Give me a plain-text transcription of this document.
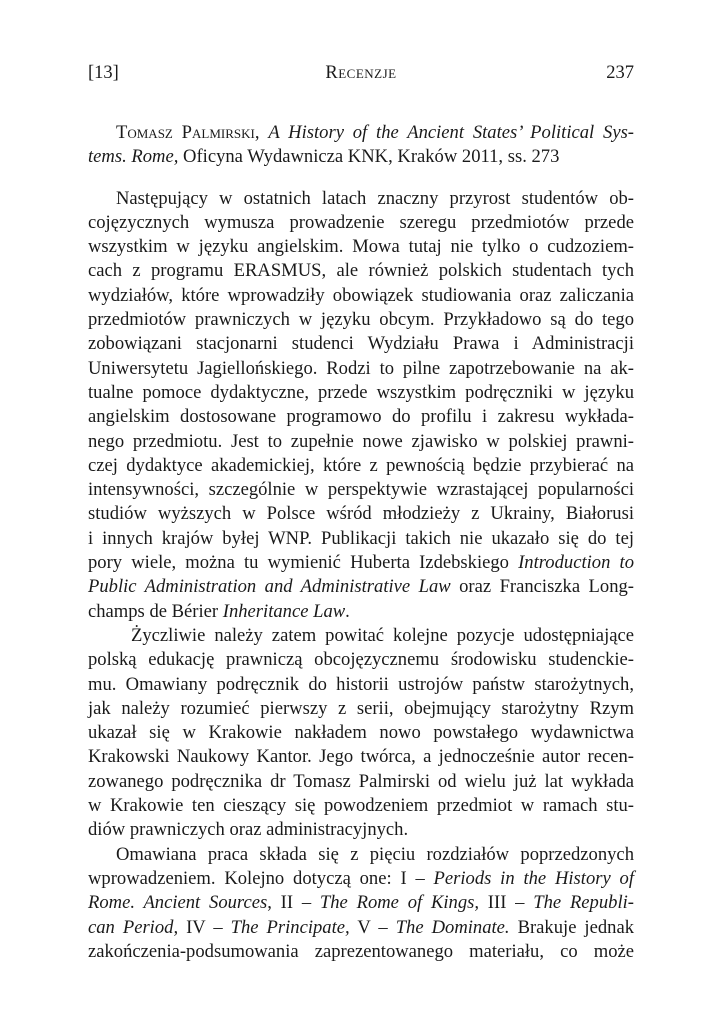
[13]	Recenzje	237
Tomasz Palmirski, A History of the Ancient States’ Political Sys-
tems. Rome, Oficyna Wydawnicza KNK, Kraków 2011, ss. 273
Następujący w ostatnich latach znaczny przyrost studentów ob-
cojęzycznych wymusza prowadzenie szeregu przedmiotów przede
wszystkim w języku angielskim. Mowa tutaj nie tylko o cudzoziem-
cach z programu ERASMUS, ale również polskich studentach tych
wydziałów, które wprowadziły obowiązek studiowania oraz zaliczania
przedmiotów prawniczych w języku obcym. Przykładowo są do tego
zobowiązani stacjonarni studenci Wydziału Prawa i Administracji
Uniwersytetu Jagiellońskiego. Rodzi to pilne zapotrzebowanie na ak-
tualne pomoce dydaktyczne, przede wszystkim podręczniki w języku
angielskim dostosowane programowo do profilu i zakresu wykłada-
nego przedmiotu. Jest to zupełnie nowe zjawisko w polskiej prawni-
czej dydaktyce akademickiej, które z pewnością będzie przybierać na
intensywności, szczególnie w perspektywie wzrastającej popularności
studiów wyższych w Polsce wśród młodzieży z Ukrainy, Białorusi
i innych krajów byłej WNP. Publikacji takich nie ukazało się do tej
pory wiele, można tu wymienić Huberta Izdebskiego Introduction to
Public Administration and Administrative Law oraz Franciszka Long-
champs de Bérier Inheritance Law.
Życzliwie należy zatem powitać kolejne pozycje udostępniające
polską edukację prawniczą obcojęzycznemu środowisku studenckie-
mu. Omawiany podręcznik do historii ustrojów państw starożytnych,
jak należy rozumieć pierwszy z serii, obejmujący starożytny Rzym
ukazał się w Krakowie nakładem nowo powstałego wydawnictwa
Krakowski Naukowy Kantor. Jego twórca, a jednocześnie autor recen-
zowanego podręcznika dr Tomasz Palmirski od wielu już lat wykłada
w Krakowie ten cieszący się powodzeniem przedmiot w ramach stu-
diów prawniczych oraz administracyjnych.
Omawiana praca składa się z pięciu rozdziałów poprzedzonych
wprowadzeniem. Kolejno dotyczą one: I – Periods in the History of
Rome. Ancient Sources, II – The Rome of Kings, III – The Republi-
can Period, IV – The Principate, V – The Dominate. Brakuje jednak
zakończenia-podsumowania zaprezentowanego materiału, co może
